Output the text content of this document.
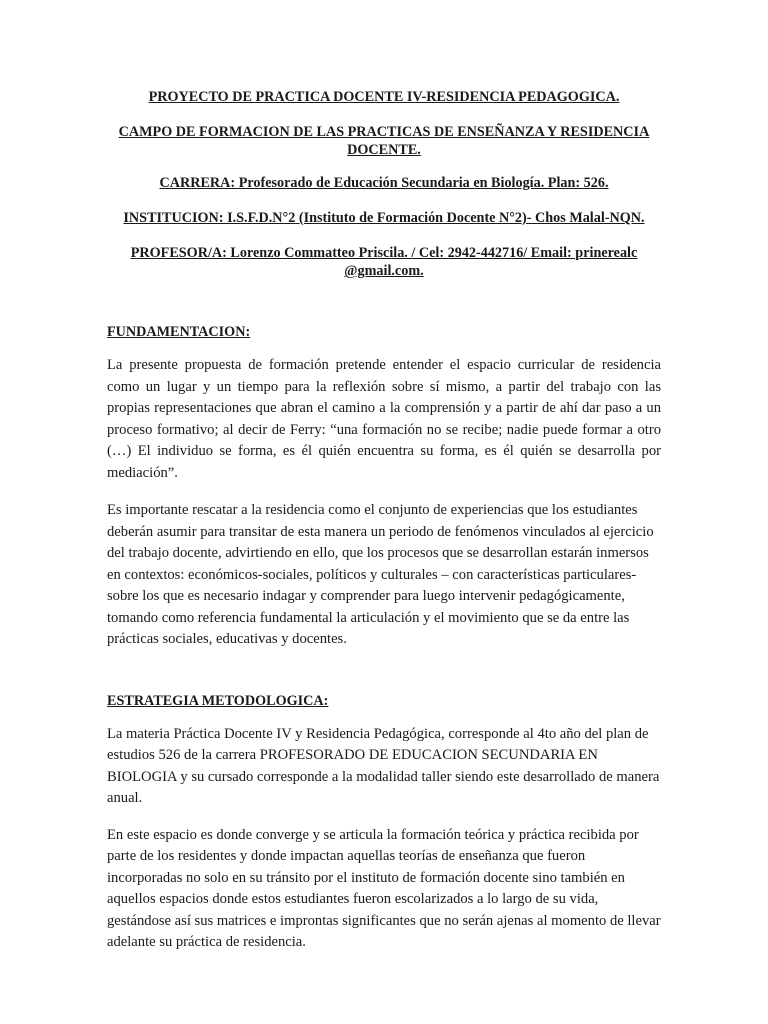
PROYECTO DE PRACTICA DOCENTE IV-RESIDENCIA PEDAGOGICA.

CAMPO DE FORMACION DE LAS PRACTICAS DE ENSEÑANZA Y RESIDENCIA DOCENTE.

CARRERA: Profesorado de Educación Secundaria en Biología. Plan: 526.

INSTITUCION: I.S.F.D.N°2 (Instituto de Formación Docente N°2)- Chos Malal-NQN.

PROFESOR/A: Lorenzo Commatteo Priscila. / Cel: 2942-442716/ Email: prinerealc @gmail.com.

FUNDAMENTACION:

La presente propuesta de formación pretende entender el espacio curricular de residencia como un lugar y un tiempo para la reflexión sobre sí mismo, a partir del trabajo con las propias representaciones que abran el camino a la comprensión y a partir de ahí dar paso a un proceso formativo; al decir de Ferry: “una formación no se recibe; nadie puede formar a otro (…) El individuo se forma, es él quién encuentra su forma, es él quién se desarrolla por mediación”.

Es importante rescatar a la residencia como el conjunto de experiencias que los estudiantes deberán asumir para transitar de esta manera un periodo de fenómenos vinculados al ejercicio del trabajo docente, advirtiendo en ello, que los procesos que se desarrollan estarán inmersos en contextos: económicos-sociales, políticos y culturales – con características particulares- sobre los que es necesario indagar y comprender para luego intervenir pedagógicamente, tomando como referencia fundamental la articulación y el movimiento que se da entre las prácticas sociales, educativas y docentes.

ESTRATEGIA METODOLOGICA:

La materia Práctica Docente IV y Residencia Pedagógica, corresponde al 4to año del plan de estudios 526 de la carrera PROFESORADO DE EDUCACION SECUNDARIA EN BIOLOGIA y su cursado corresponde a la modalidad taller siendo este desarrollado de manera anual.

En este espacio es donde converge y se articula la formación teórica y práctica recibida por parte de los residentes y donde impactan aquellas teorías de enseñanza que fueron incorporadas no solo en su tránsito por el instituto de formación docente sino también en aquellos espacios donde estos estudiantes fueron escolarizados a lo largo de su vida, gestándose así sus matrices e improntas significantes que no serán ajenas al momento de llevar adelante su práctica de residencia.
